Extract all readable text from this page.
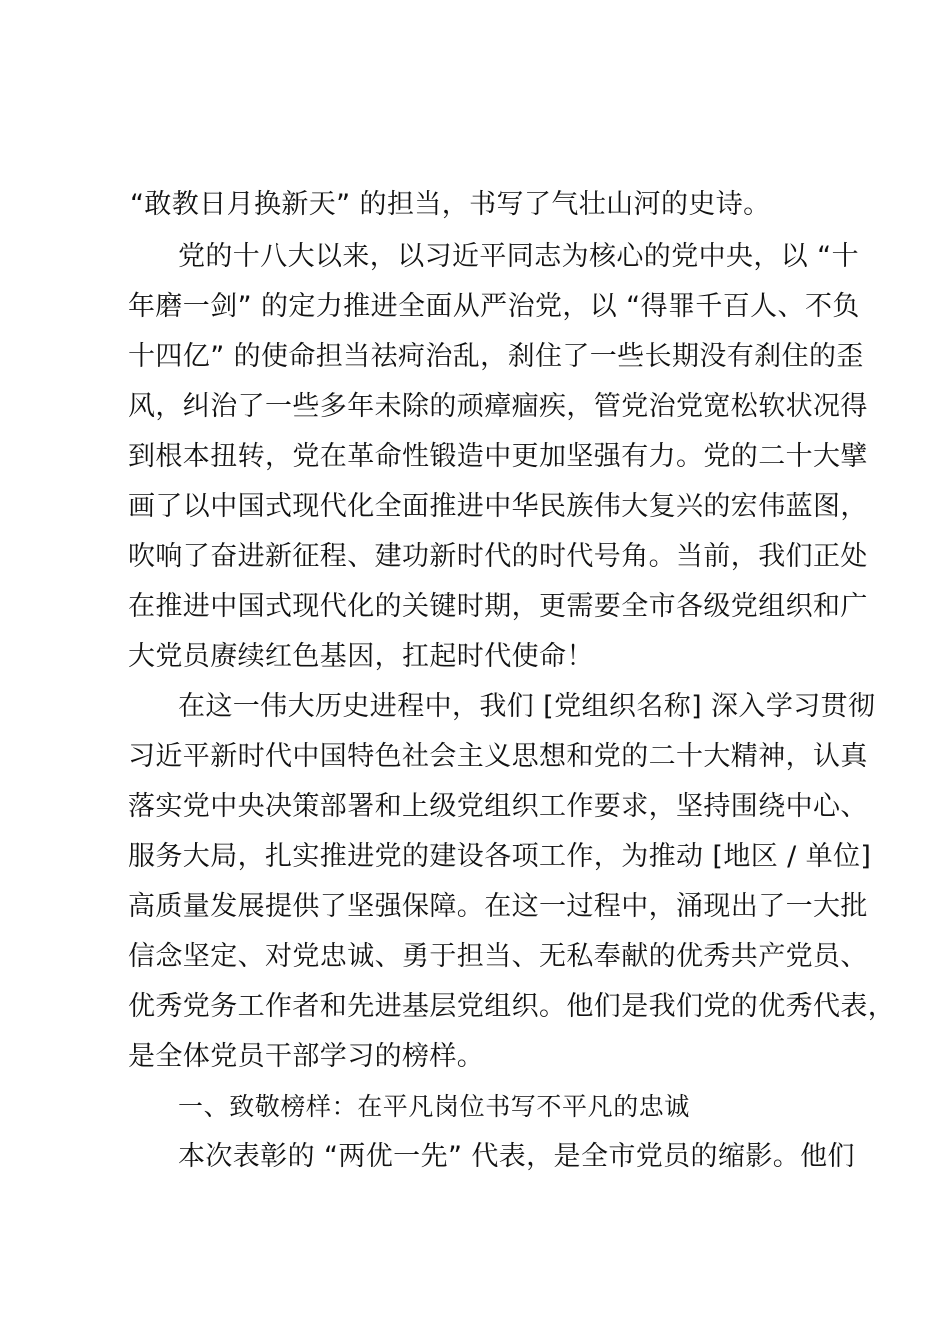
“敢教日月换新天” 的担当，书写了气壮山河的史诗。
党的十八大以来，以习近平同志为核心的党中央，以 “十
年磨一剑” 的定力推进全面从严治党，以 “得罪千百人、不负
十四亿” 的使命担当祛疴治乱，刹住了一些长期没有刹住的歪
风，纠治了一些多年未除的顽瘴痼疾，管党治党宽松软状况得
到根本扭转，党在革命性锻造中更加坚强有力。党的二十大擘
画了以中国式现代化全面推进中华民族伟大复兴的宏伟蓝图，
吹响了奋进新征程、建功新时代的时代号角。当前，我们正处
在推进中国式现代化的关键时期，更需要全市各级党组织和广
大党员赓续红色基因，扛起时代使命！
在这一伟大历史进程中，我们 [党组织名称] 深入学习贯彻
习近平新时代中国特色社会主义思想和党的二十大精神，认真
落实党中央决策部署和上级党组织工作要求，坚持围绕中心、
服务大局，扎实推进党的建设各项工作，为推动 [地区 / 单位]
高质量发展提供了坚强保障。在这一过程中，涌现出了一大批
信念坚定、对党忠诚、勇于担当、无私奉献的优秀共产党员、
优秀党务工作者和先进基层党组织。他们是我们党的优秀代表，
是全体党员干部学习的榜样。
一、致敬榜样：在平凡岗位书写不平凡的忠诚
本次表彰的 “两优一先” 代表，是全市党员的缩影。他们
